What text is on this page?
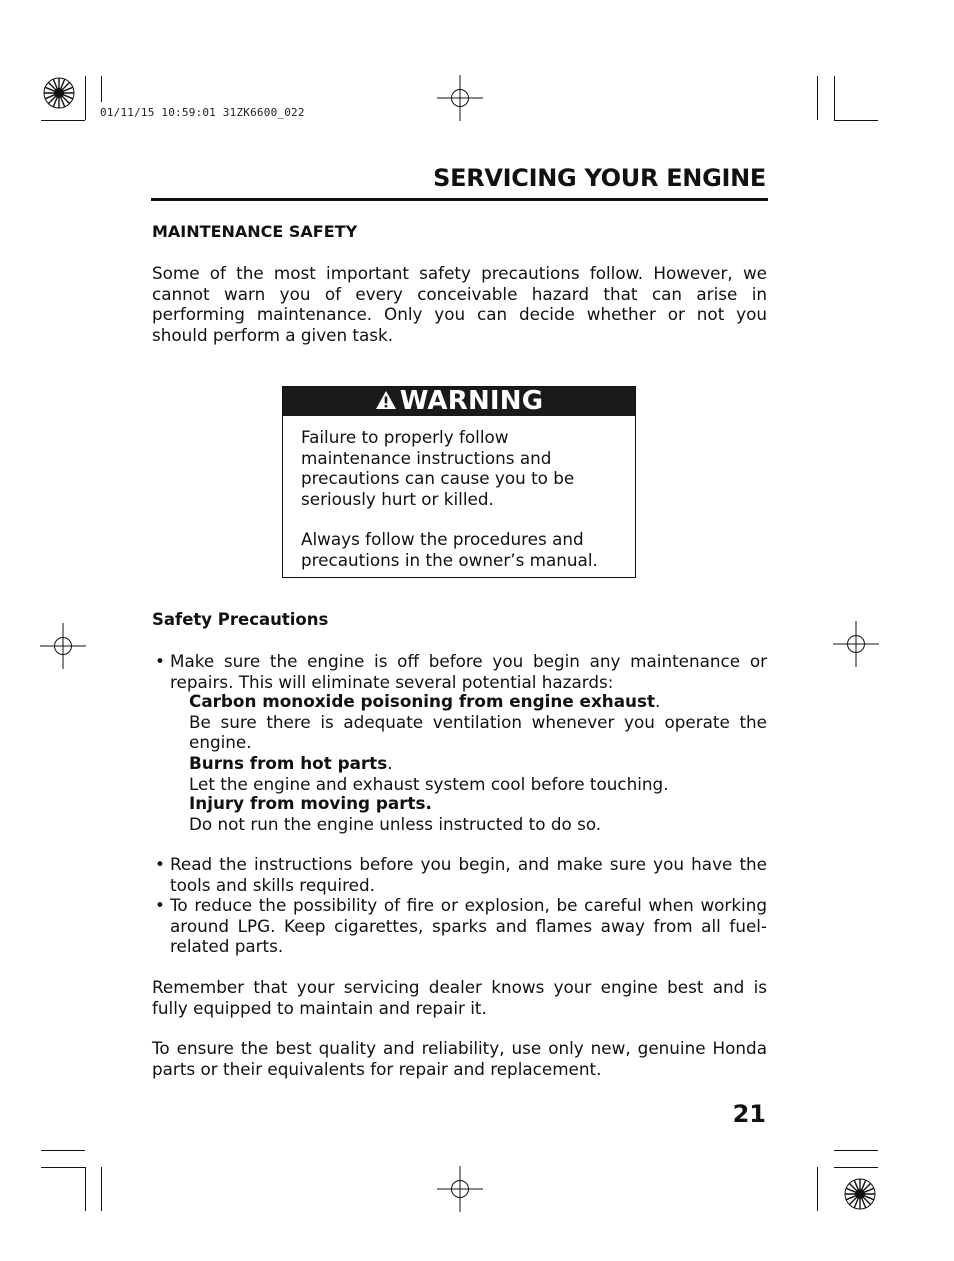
01/11/15 10:59:01 31ZK6600_022
SERVICING YOUR ENGINE
MAINTENANCE SAFETY
Some of the most important safety precautions follow. However, we cannot warn you of every conceivable hazard that can arise in performing maintenance. Only you can decide whether or not you should perform a given task.
WARNING
Failure to properly follow maintenance instructions and precautions can cause you to be seriously hurt or killed.
Always follow the procedures and precautions in the owner’s manual.
Safety Precautions
• Make sure the engine is off before you begin any maintenance or repairs. This will eliminate several potential hazards:
Carbon monoxide poisoning from engine exhaust.
Be sure there is adequate ventilation whenever you operate the engine.
Burns from hot parts.
Let the engine and exhaust system cool before touching.
Injury from moving parts.
Do not run the engine unless instructed to do so.
• Read the instructions before you begin, and make sure you have the tools and skills required.
• To reduce the possibility of fire or explosion, be careful when working around LPG. Keep cigarettes, sparks and flames away from all fuel-related parts.
Remember that your servicing dealer knows your engine best and is fully equipped to maintain and repair it.
To ensure the best quality and reliability, use only new, genuine Honda parts or their equivalents for repair and replacement.
21
